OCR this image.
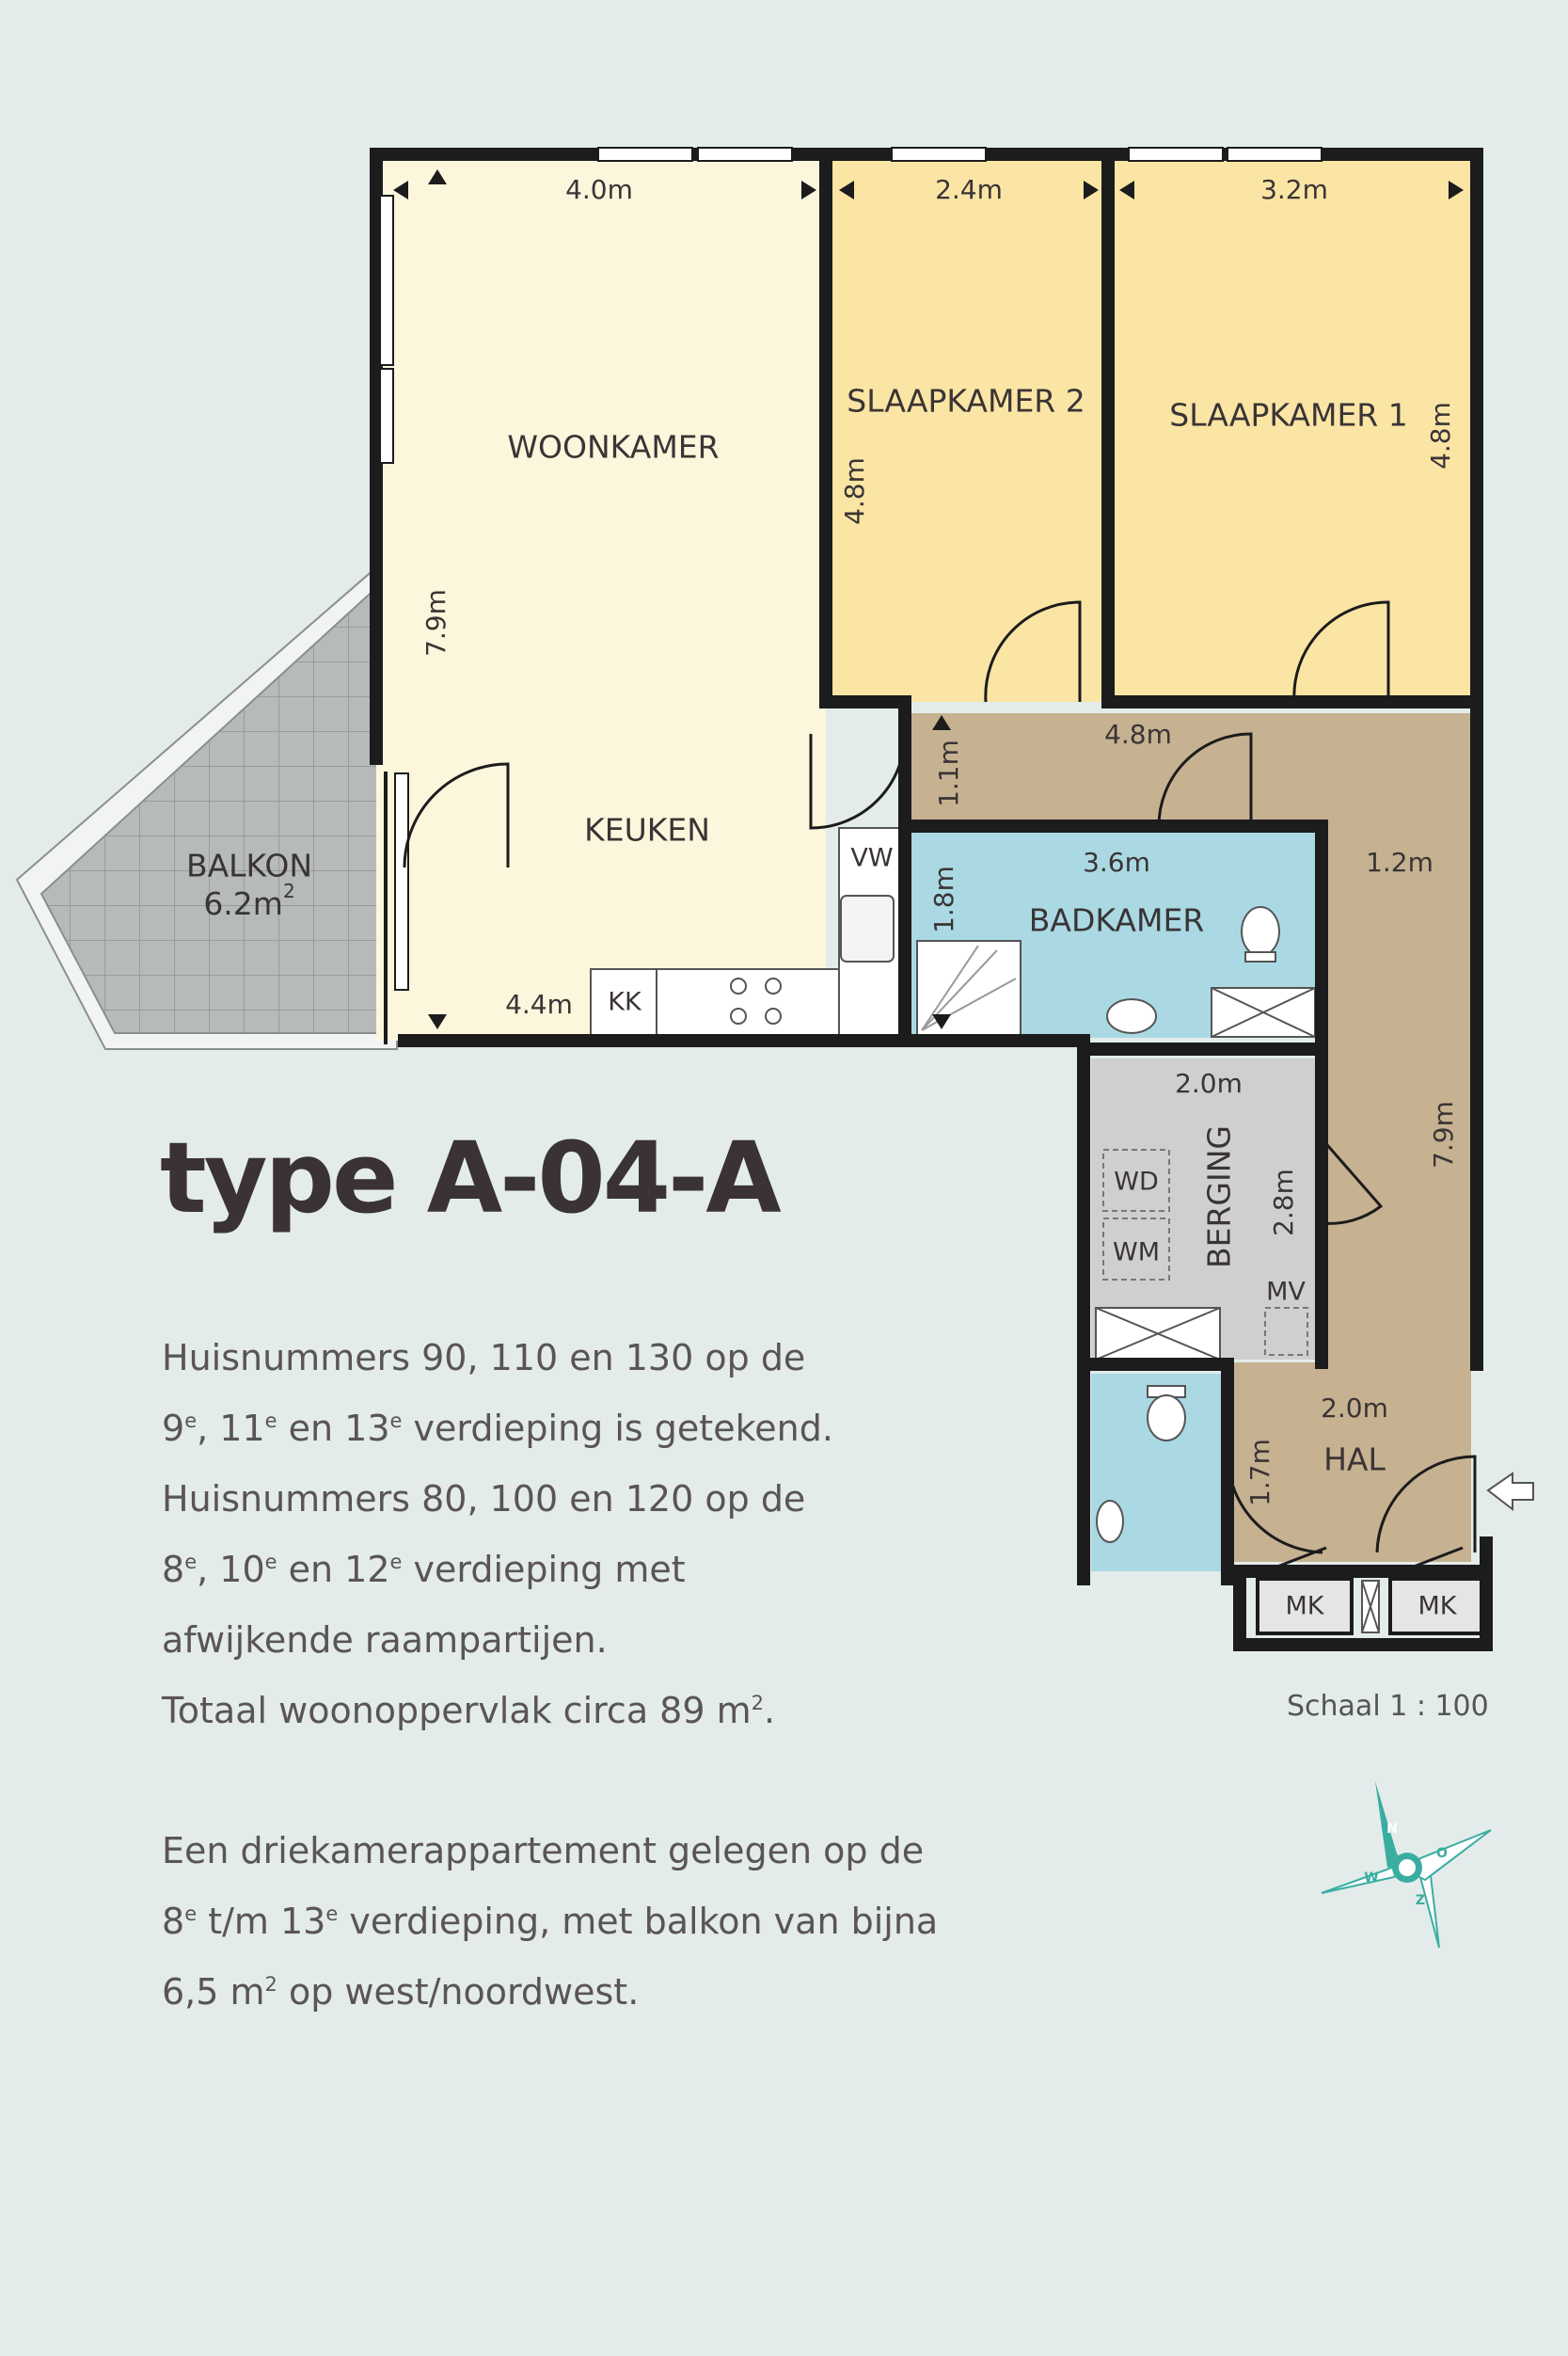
WOONKAMER
KEUKEN
SLAAPKAMER 2	SLAAPKAMER 1
BADKAMER
BERGING
HAL
BALKON
$6.2m^2$
4.0m
7.9m
4.4m
2.4m
4.8m
3.2m
4.8m
4.8m
1.1m
3.6m
1.8m
1.2m
7.9m
2.0m
2.8m
2.0m
1.7m
VW
KK
WD
WM
MV
MK	MK
N
O
Z
W
type A-04-A

Huisnummers 90, 110 en 130 op de

9e, 11e en 13e verdieping is getekend.

Huisnummers 80, 100 en 120 op de

8e, 10e en 12e verdieping met

afwijkende raampartijen.

Totaal woonoppervlak circa 89 $m^2$.

Een driekamerappartement gelegen op de

8e t/m 13e verdieping, met balkon van bijna

6,5 $m^2$ op west/noordwest.

Schaal 1 : 100
